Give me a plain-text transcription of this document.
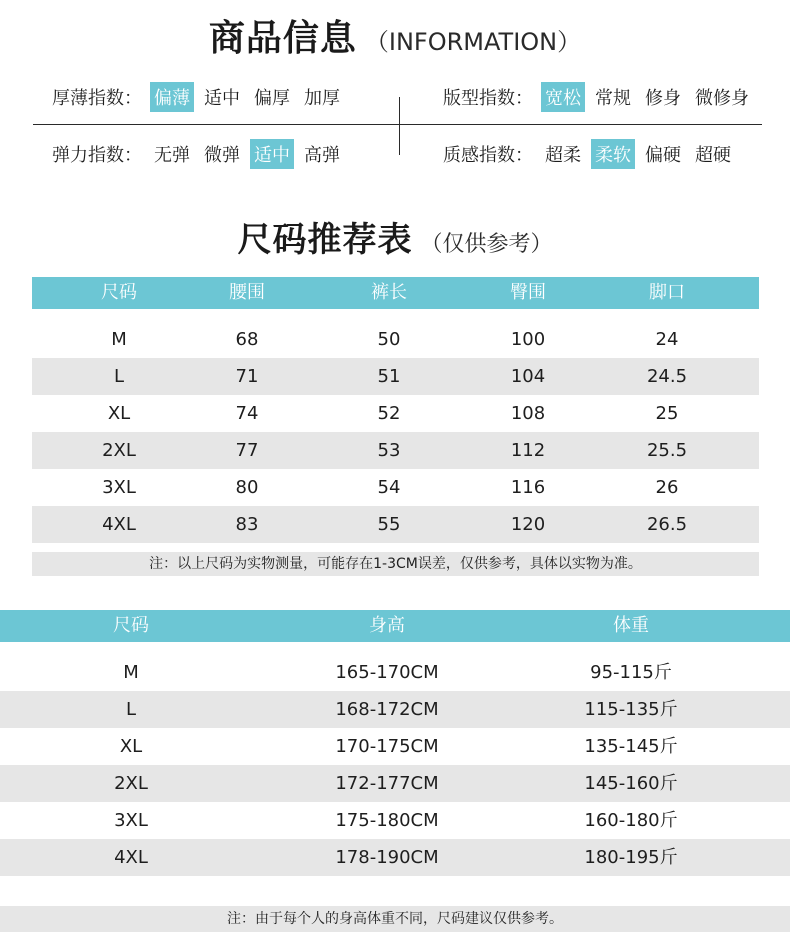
商品信息 （INFORMATION）
厚薄指数： 偏薄 适中 偏厚 加厚	版型指数： 宽松 常规 修身 微修身
弹力指数： 无弹 微弹 适中 高弹	质感指数： 超柔 柔软 偏硬 超硬
尺码推荐表 （仅供参考）
尺码	腰围	裤长	臀围	脚口
M	68	50	100	24
L	71	51	104	24.5
XL	74	52	108	25
2XL	77	53	112	25.5
3XL	80	54	116	26
4XL	83	55	120	26.5
注：以上尺码为实物测量，可能存在1-3CM误差，仅供参考，具体以实物为准。
尺码	身高	体重
M	165-170CM	95-115斤
L	168-172CM	115-135斤
XL	170-175CM	135-145斤
2XL	172-177CM	145-160斤
3XL	175-180CM	160-180斤
4XL	178-190CM	180-195斤
注：由于每个人的身高体重不同，尺码建议仅供参考。
